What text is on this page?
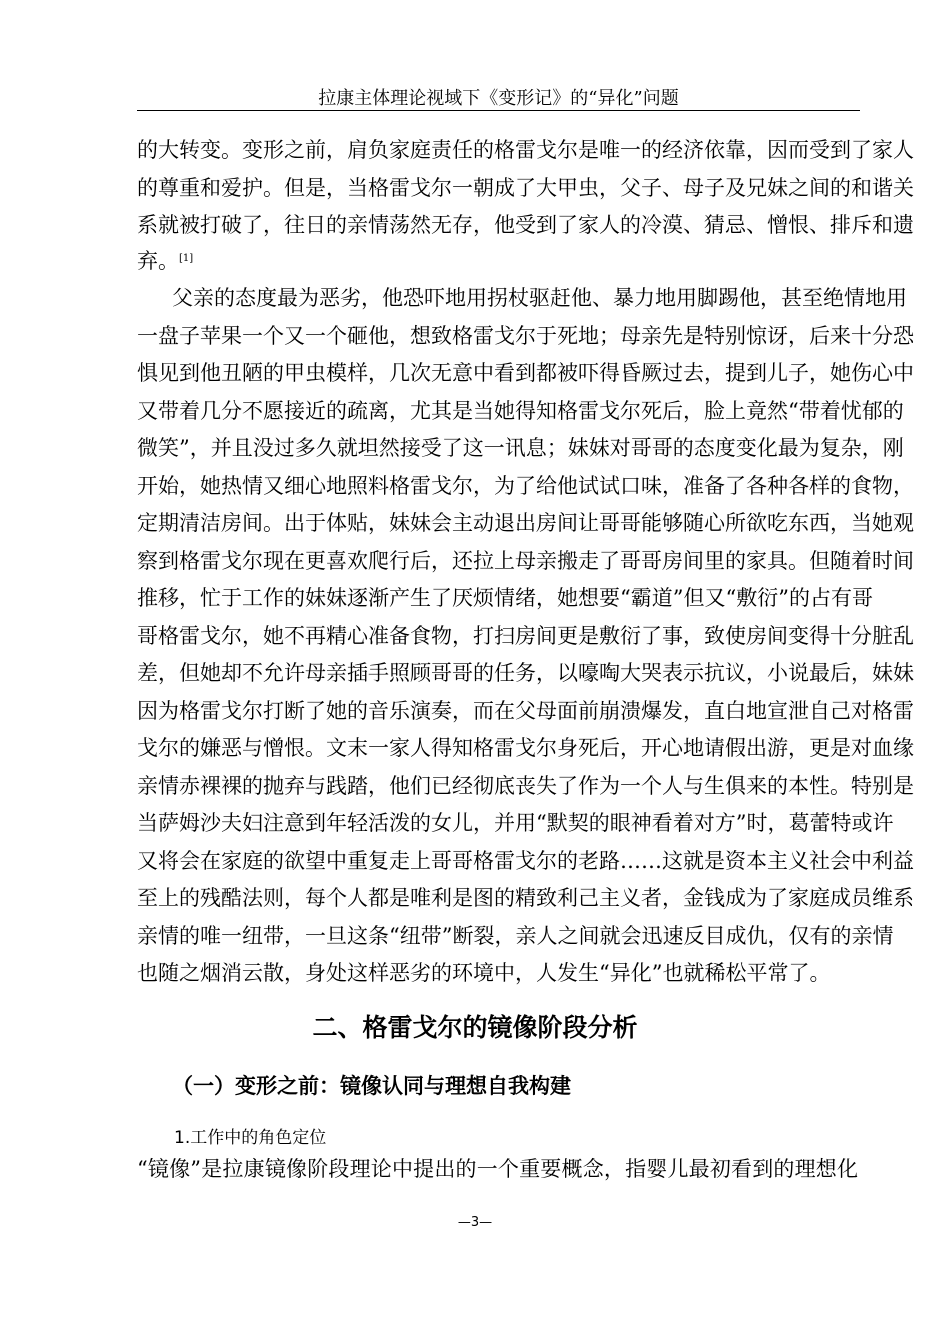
拉康主体理论视域下《变形记》的“异化”问题
的大转变。变形之前，肩负家庭责任的格雷戈尔是唯一的经济依靠，因而受到了家人
的尊重和爱护。但是，当格雷戈尔一朝成了大甲虫，父子、母子及兄妹之间的和谐关
系就被打破了，往日的亲情荡然无存，他受到了家人的冷漠、猜忌、憎恨、排斥和遗
弃。[1]
父亲的态度最为恶劣，他恐吓地用拐杖驱赶他、暴力地用脚踢他，甚至绝情地用
一盘子苹果一个又一个砸他，想致格雷戈尔于死地；母亲先是特别惊讶，后来十分恐
惧见到他丑陋的甲虫模样，几次无意中看到都被吓得昏厥过去，提到儿子，她伤心中
又带着几分不愿接近的疏离，尤其是当她得知格雷戈尔死后，脸上竟然“带着忧郁的
微笑”，并且没过多久就坦然接受了这一讯息；妹妹对哥哥的态度变化最为复杂，刚
开始，她热情又细心地照料格雷戈尔，为了给他试试口味，准备了各种各样的食物，
定期清洁房间。出于体贴，妹妹会主动退出房间让哥哥能够随心所欲吃东西，当她观
察到格雷戈尔现在更喜欢爬行后，还拉上母亲搬走了哥哥房间里的家具。但随着时间
推移，忙于工作的妹妹逐渐产生了厌烦情绪，她想要“霸道”但又“敷衍”的占有哥
哥格雷戈尔，她不再精心准备食物，打扫房间更是敷衍了事，致使房间变得十分脏乱
差，但她却不允许母亲插手照顾哥哥的任务，以嚎啕大哭表示抗议，小说最后，妹妹
因为格雷戈尔打断了她的音乐演奏，而在父母面前崩溃爆发，直白地宣泄自己对格雷
戈尔的嫌恶与憎恨。文末一家人得知格雷戈尔身死后，开心地请假出游，更是对血缘
亲情赤裸裸的抛弃与践踏，他们已经彻底丧失了作为一个人与生俱来的本性。特别是
当萨姆沙夫妇注意到年轻活泼的女儿，并用“默契的眼神看着对方”时，葛蕾特或许
又将会在家庭的欲望中重复走上哥哥格雷戈尔的老路……这就是资本主义社会中利益
至上的残酷法则，每个人都是唯利是图的精致利己主义者，金钱成为了家庭成员维系
亲情的唯一纽带，一旦这条“纽带”断裂，亲人之间就会迅速反目成仇，仅有的亲情
也随之烟消云散，身处这样恶劣的环境中，人发生“异化”也就稀松平常了。
二、格雷戈尔的镜像阶段分析
（一）变形之前：镜像认同与理想自我构建
1.工作中的角色定位
“镜像”是拉康镜像阶段理论中提出的一个重要概念，指婴儿最初看到的理想化
—3—
